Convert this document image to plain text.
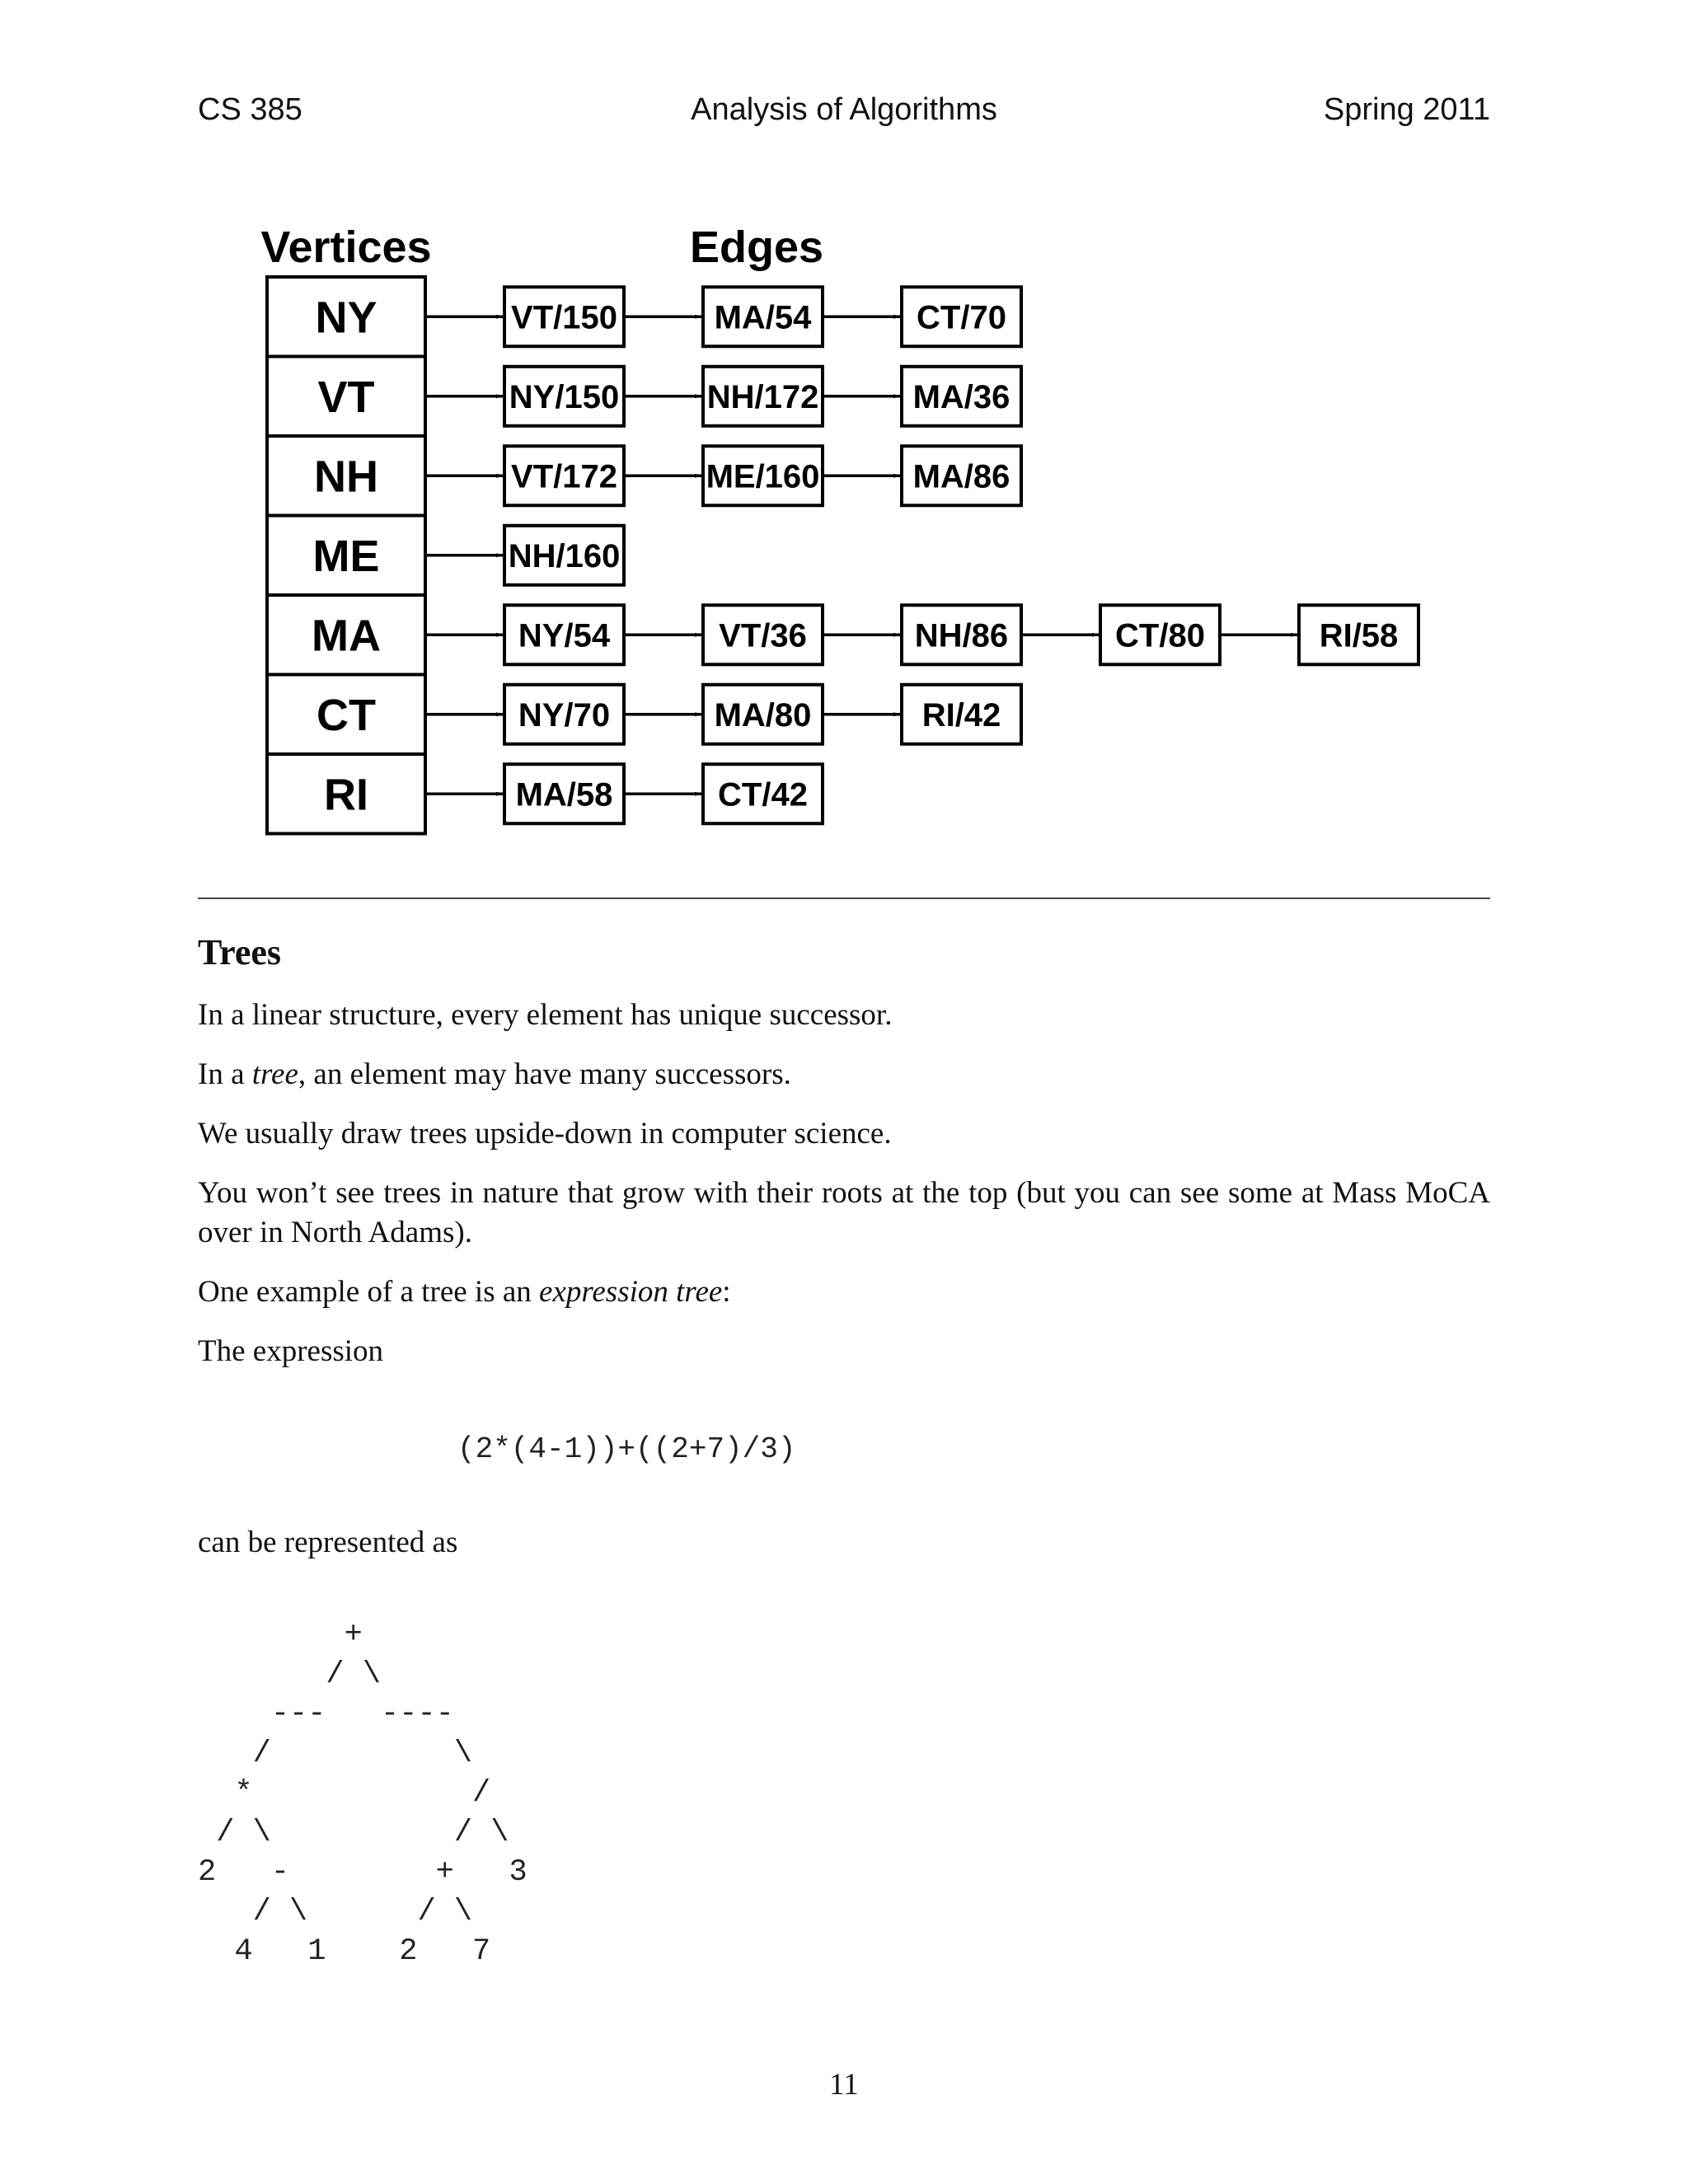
CS 385	Analysis of Algorithms	Spring 2011
Vertices	Edges
NY	VT/150	MA/54	CT/70
VT	NY/150	NH/172	MA/36
NH	VT/172	ME/160	MA/86
ME	NH/160
MA	NY/54	VT/36	NH/86	CT/80	RI/58
CT	NY/70	MA/80	RI/42
RI	MA/58	CT/42
Trees
In a linear structure, every element has unique successor.
In a tree, an element may have many successors.
We usually draw trees upside-down in computer science.
You won’t see trees in nature that grow with their roots at the top (but you can see some at Mass MoCA over in North Adams).
One example of a tree is an expression tree:
The expression
(2*(4-1))+((2+7)/3)
can be represented as
+
/ \
---   ----
/          \
*            /
/ \          / \
2   -        +   3
/ \      / \
4   1    2   7
11
